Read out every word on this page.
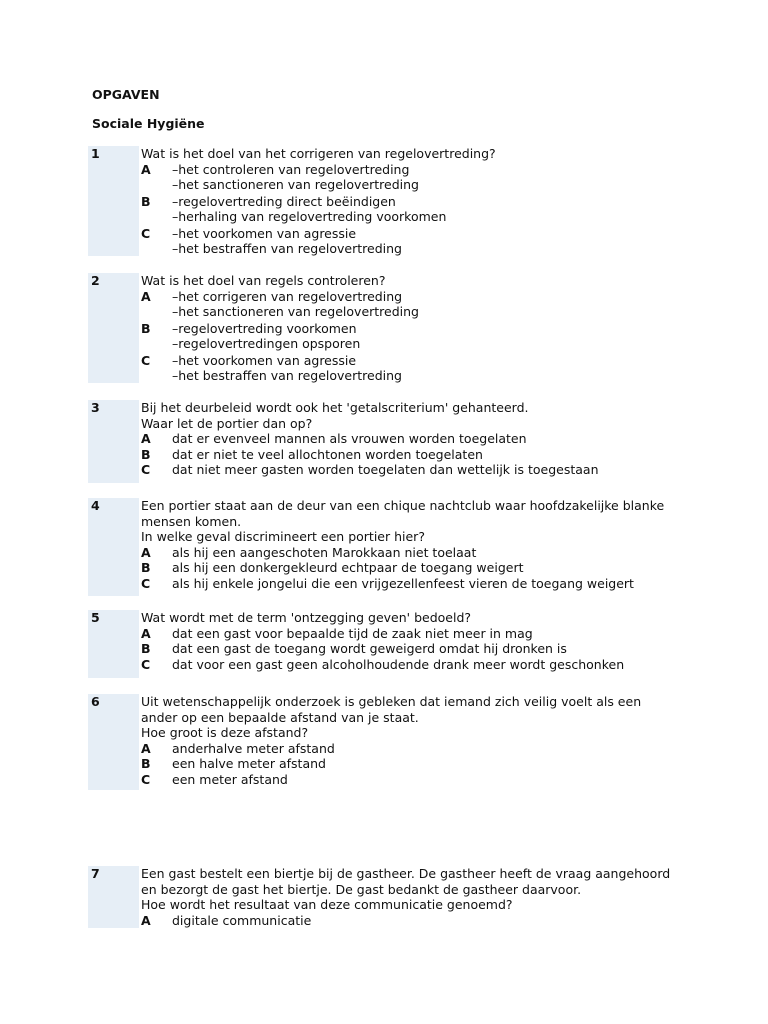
OPGAVEN
Sociale Hygiëne
1	Wat is het doel van het corrigeren van regelovertreding?
A	– het controleren van regelovertreding
– het sanctioneren van regelovertreding
B	– regelovertreding direct beëindigen
– herhaling van regelovertreding voorkomen
C	– het voorkomen van agressie
– het bestraffen van regelovertreding
2	Wat is het doel van regels controleren?
A	– het corrigeren van regelovertreding
– het sanctioneren van regelovertreding
B	– regelovertreding voorkomen
– regelovertredingen opsporen
C	– het voorkomen van agressie
– het bestraffen van regelovertreding
3	Bij het deurbeleid wordt ook het 'getalscriterium' gehanteerd.
Waar let de portier dan op?
A	dat er evenveel mannen als vrouwen worden toegelaten
B	dat er niet te veel allochtonen worden toegelaten
C	dat niet meer gasten worden toegelaten dan wettelijk is toegestaan
4	Een portier staat aan de deur van een chique nachtclub waar hoofdzakelijke blanke
mensen komen.
In welke geval discrimineert een portier hier?
A	als hij een aangeschoten Marokkaan niet toelaat
B	als hij een donkergekleurd echtpaar de toegang weigert
C	als hij enkele jongelui die een vrijgezellenfeest vieren de toegang weigert
5	Wat wordt met de term 'ontzegging geven' bedoeld?
A	dat een gast voor bepaalde tijd de zaak niet meer in mag
B	dat een gast de toegang wordt geweigerd omdat hij dronken is
C	dat voor een gast geen alcoholhoudende drank meer wordt geschonken
6	Uit wetenschappelijk onderzoek is gebleken dat iemand zich veilig voelt als een
ander op een bepaalde afstand van je staat.
Hoe groot is deze afstand?
A	anderhalve meter afstand
B	een halve meter afstand
C	een meter afstand
7	Een gast bestelt een biertje bij de gastheer. De gastheer heeft de vraag aangehoord
en bezorgt de gast het biertje. De gast bedankt de gastheer daarvoor.
Hoe wordt het resultaat van deze communicatie genoemd?
A	digitale communicatie
